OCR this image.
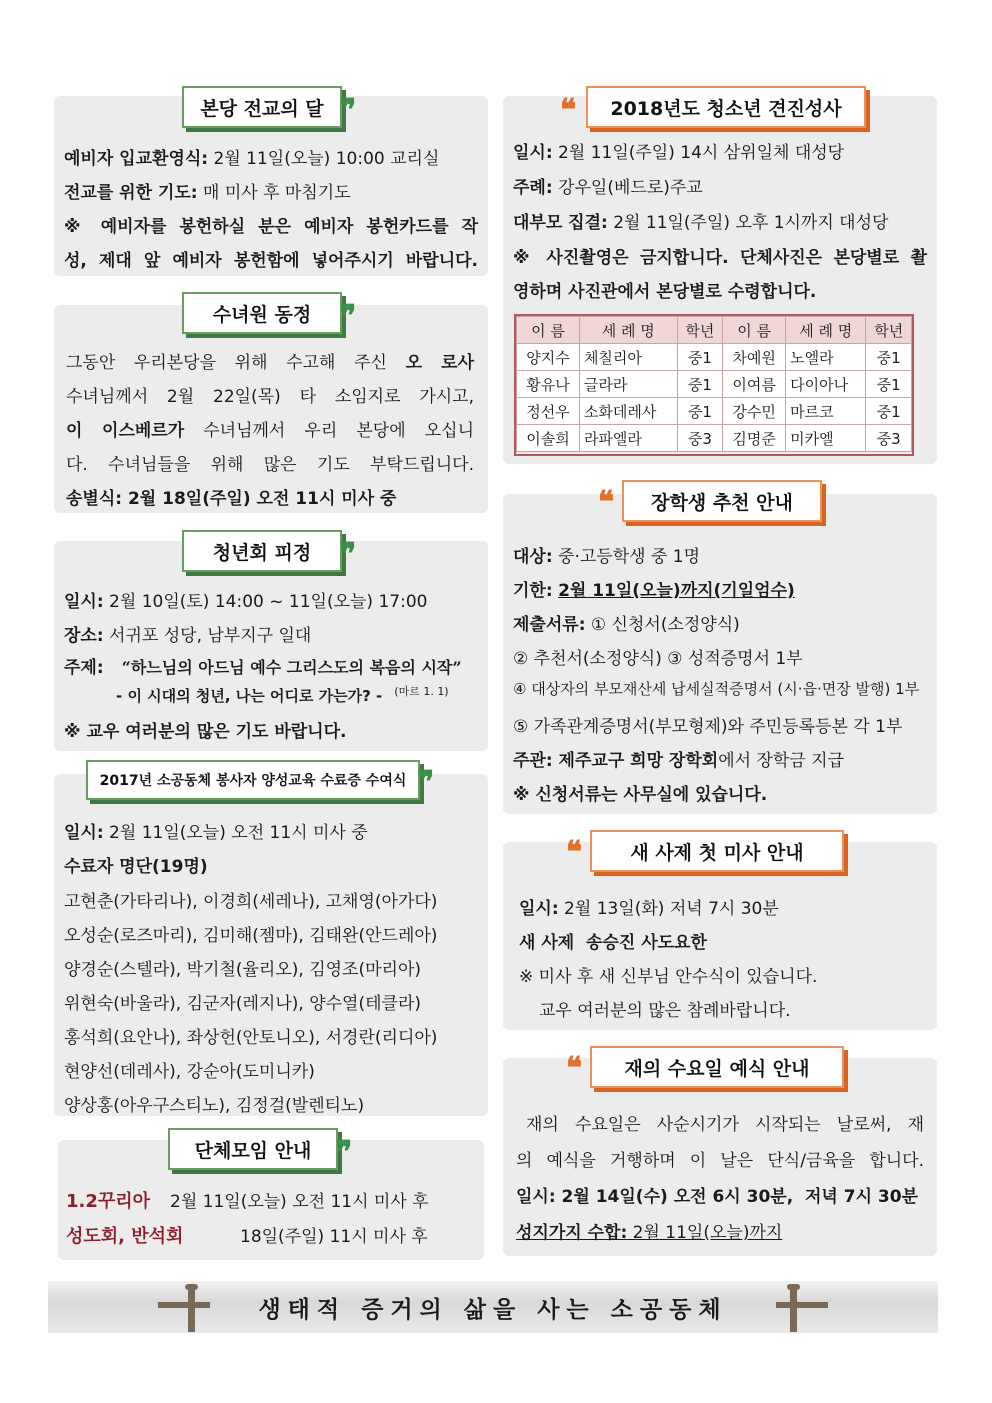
본당 전교의 달 ❞
예비자 입교환영식: 2월 11일(오늘) 10:00 교리실
전교를 위한 기도: 매 미사 후 마침기도
※ 예비자를 봉헌하실 분은 예비자 봉헌카드를 작
성, 제대 앞 예비자 봉헌함에 넣어주시기 바랍니다.
수녀원 동정 ❞
그동안 우리본당을 위해 수고해 주신 오 로사
수녀님께서 2월 22일(목) 타 소임지로 가시고,
이 이스베르가 수녀님께서 우리 본당에 오십니
다. 수녀님들을 위해 많은 기도 부탁드립니다.
송별식: 2월 18일(주일) 오전 11시 미사 중
청년회 피정 ❞
일시: 2월 10일(토) 14:00 ~ 11일(오늘) 17:00
장소: 서귀포 성당, 남부지구 일대
주제: “하느님의 아드님 예수 그리스도의 복음의 시작”
- 이 시대의 청년, 나는 어디로 가는가? - $^{(마르 1. 1)}$
※ 교우 여러분의 많은 기도 바랍니다.
2017년 소공동체 봉사자 양성교육 수료증 수여식 ❞
일시: 2월 11일(오늘) 오전 11시 미사 중
수료자 명단(19명)
고현춘(가타리나), 이경희(세레나), 고채영(아가다)
오성순(로즈마리), 김미해(젬마), 김태완(안드레아)
양경순(스텔라), 박기철(율리오), 김영조(마리아)
위현숙(바울라), 김군자(레지나), 양수열(테클라)
홍석희(요안나), 좌상헌(안토니오), 서경란(리디아)
현양선(데레사), 강순아(도미니카)
양상홍(아우구스티노), 김정걸(발렌티노)
단체모임 안내 ❞
1.2꾸리아 2월 11일(오늘) 오전 11시 미사 후
성도회, 반석회	18일(주일) 11시 미사 후
❝ 2018년도 청소년 견진성사
일시: 2월 11일(주일) 14시 삼위일체 대성당
주례: 강우일(베드로)주교
대부모 집결: 2월 11일(주일) 오후 1시까지 대성당
※ 사진촬영은 금지합니다. 단체사진은 본당별로 촬
영하며 사진관에서 본당별로 수령합니다.
이 름	세 례 명	학년	이 름	세 례 명	학년
양지수	체칠리아	중1	차예원	노엘라	중1
황유나	글라라	중1	이여름	다이아나	중1
정선우	소화데레사	중1	강수민	마르코	중1
이솔희	라파엘라	중3	김명준	미카엘	중3
❝ 장학생 추천 안내
대상: 중·고등학생 중 1명
기한: 2월 11일(오늘)까지(기일엄수)
제출서류: ① 신청서(소정양식)
② 추천서(소정양식) ③ 성적증명서 1부
④ 대상자의 부모재산세 납세실적증명서 (시·읍·면장 발행) 1부
⑤ 가족관계증명서(부모형제)와 주민등록등본 각 1부
주관: 제주교구 희망 장학회에서 장학금 지급
※ 신청서류는 사무실에 있습니다.
❝	새 사제 첫 미사 안내
일시: 2월 13일(화) 저녁 7시 30분
새 사제  송승진 사도요한
※ 미사 후 새 신부님 안수식이 있습니다.
교우 여러분의 많은 참례바랍니다.
❝ 재의 수요일 예식 안내
재의 수요일은 사순시기가 시작되는 날로써, 재
의 예식을 거행하며 이 날은 단식/금육을 합니다.
일시: 2월 14일(수) 오전 6시 30분,  저녁 7시 30분
성지가지 수합: 2월 11일(오늘)까지
생태적 증거의 삶을 사는 소공동체
